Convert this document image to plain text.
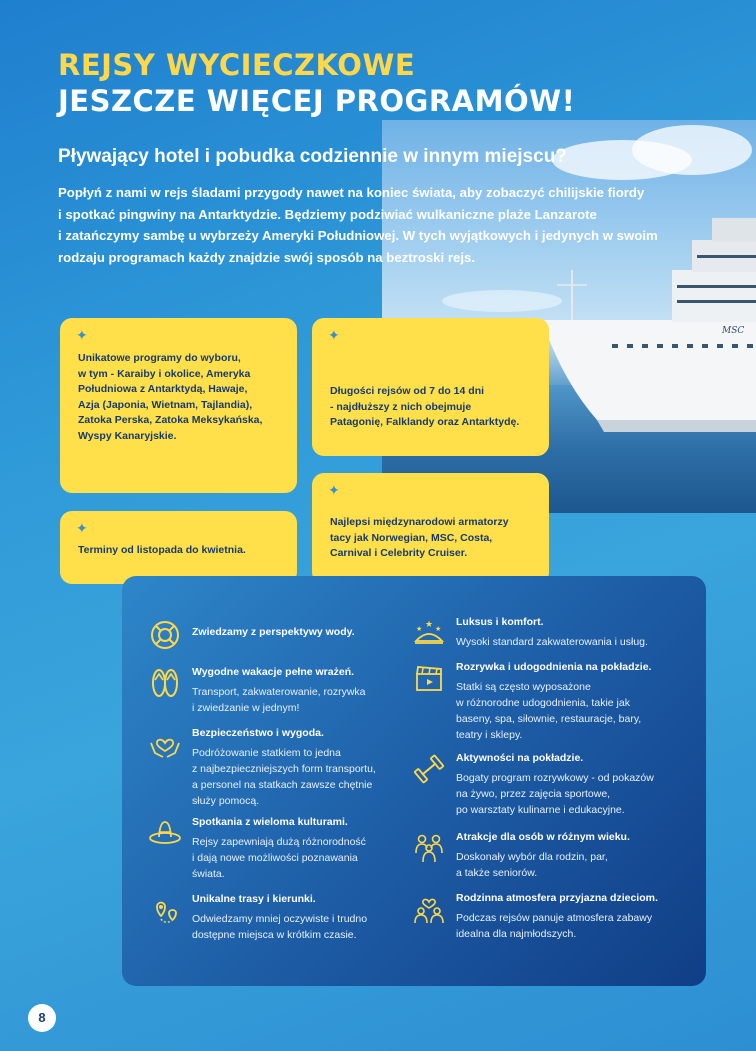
REJSY WYCIECZKOWE
JESZCZE WIĘCEJ PROGRAMÓW!
MSC
Pływający hotel i pobudka codziennie w innym miejscu?
Popłyń z nami w rejs śladami przygody nawet na koniec świata, aby zobaczyć chilijskie fiordy
i spotkać pingwiny na Antarktydzie. Będziemy podziwiać wulkaniczne plaże Lanzarote
i zatańczymy sambę u wybrzeży Ameryki Południowej. W tych wyjątkowych i jedynych w swoim
rodzaju programach każdy znajdzie swój sposób na beztroski rejs.
✦
Unikatowe programy do wyboru,
w tym - Karaiby i okolice, Ameryka
Południowa z Antarktydą, Hawaje,
Azja (Japonia, Wietnam, Tajlandia),
Zatoka Perska, Zatoka Meksykańska,
Wyspy Kanaryjskie.
✦
Długości rejsów od 7 do 14 dni
- najdłuższy z nich obejmuje
Patagonię, Falklandy oraz Antarktydę.
✦
Terminy od listopada do kwietnia.
✦
Najlepsi międzynarodowi armatorzy
tacy jak Norwegian, MSC, Costa,
Carnival i Celebrity Cruiser.
Zwiedzamy z perspektywy wody.
Wygodne wakacje pełne wrażeń.
Transport, zakwaterowanie, rozrywka
i zwiedzanie w jednym!
Bezpieczeństwo i wygoda.
Podróżowanie statkiem to jedna
z najbezpieczniejszych form transportu,
a personel na statkach zawsze chętnie
służy pomocą.
Spotkania z wieloma kulturami.
Rejsy zapewniają dużą różnorodność
i dają nowe możliwości poznawania
świata.
Unikalne trasy i kierunki.
Odwiedzamy mniej oczywiste i trudno
dostępne miejsca w krótkim czasie.
★
★ ★
Luksus i komfort.
Wysoki standard zakwaterowania i usług.
Rozrywka i udogodnienia na pokładzie.
Statki są często wyposażone
w różnorodne udogodnienia, takie jak
baseny, spa, siłownie, restauracje, bary,
teatry i sklepy.
Aktywności na pokładzie.
Bogaty program rozrywkowy - od pokazów
na żywo, przez zajęcia sportowe,
po warsztaty kulinarne i edukacyjne.
Atrakcje dla osób w różnym wieku.
Doskonały wybór dla rodzin, par,
a także seniorów.
Rodzinna atmosfera przyjazna dzieciom.
Podczas rejsów panuje atmosfera zabawy
idealna dla najmłodszych.
8
